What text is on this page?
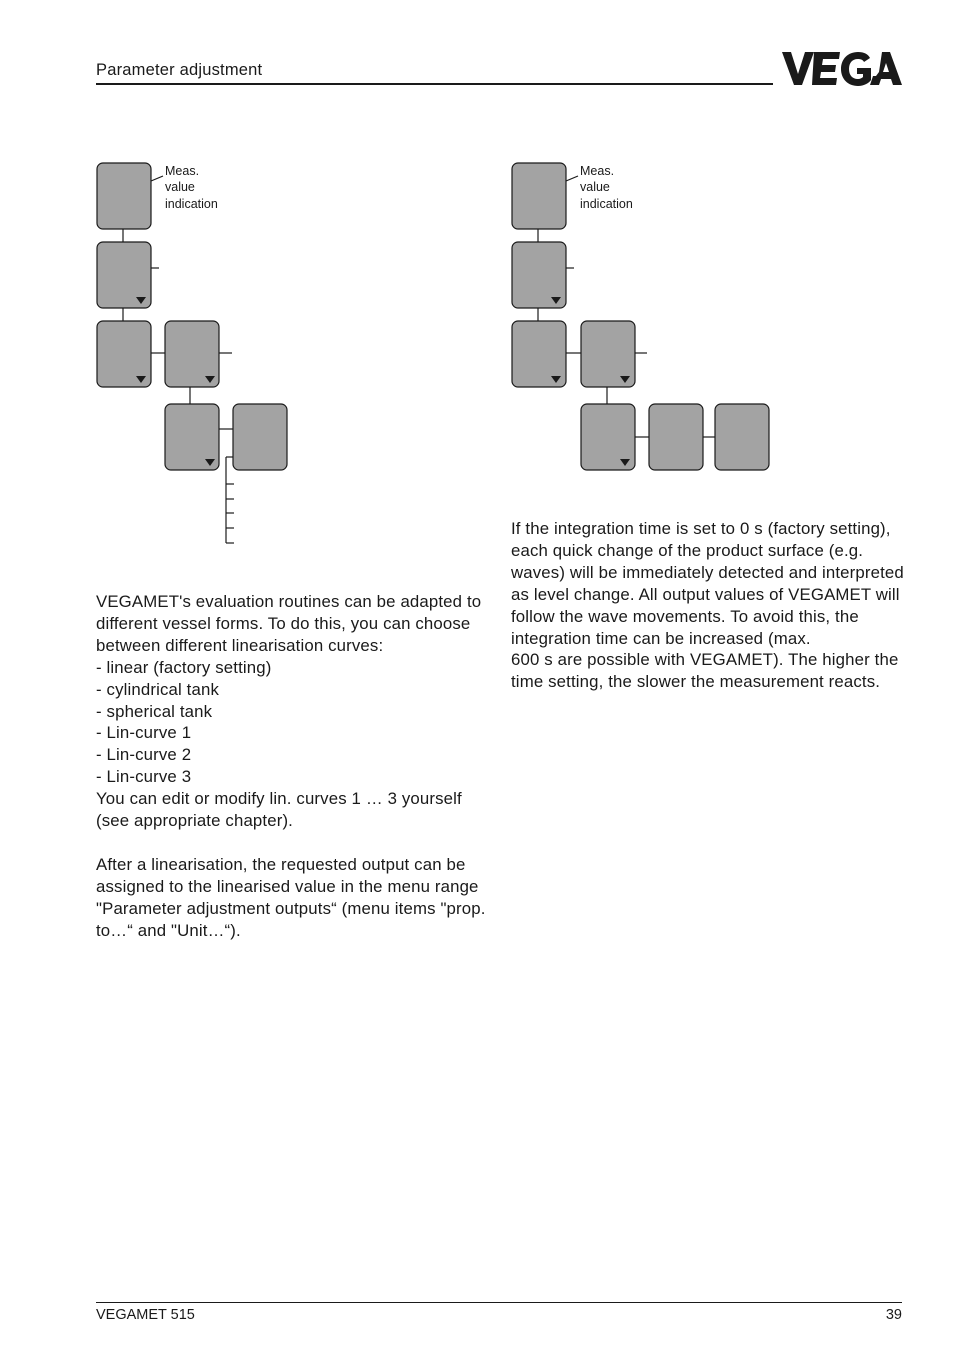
Parameter adjustment
Meas.
value
indication
Meas.
value
indication

VEGAMET's evaluation routines can be adapted to different vessel forms. To do this, you can choose between different linearisation curves:

- linear (factory setting)

- cylindrical tank

- spherical tank

- Lin-curve 1

- Lin-curve 2

- Lin-curve 3

You can edit or modify lin. curves 1 … 3 yourself (see appropriate chapter).

After a linearisation, the requested output can be assigned to the linearised value in the menu range "Parameter adjustment outputs“ (menu items "prop. to…“ and "Unit…“).

If the integration time is set to 0 s (factory setting), each quick change of the product surface (e.g. waves) will be immediately detected and interpreted as level change. All output values of VEGAMET will follow the wave movements. To avoid this, the integration time can be increased (max.

600 s are possible with VEGAMET). The higher the time setting, the slower the measurement reacts.

VEGAMET 515	39
